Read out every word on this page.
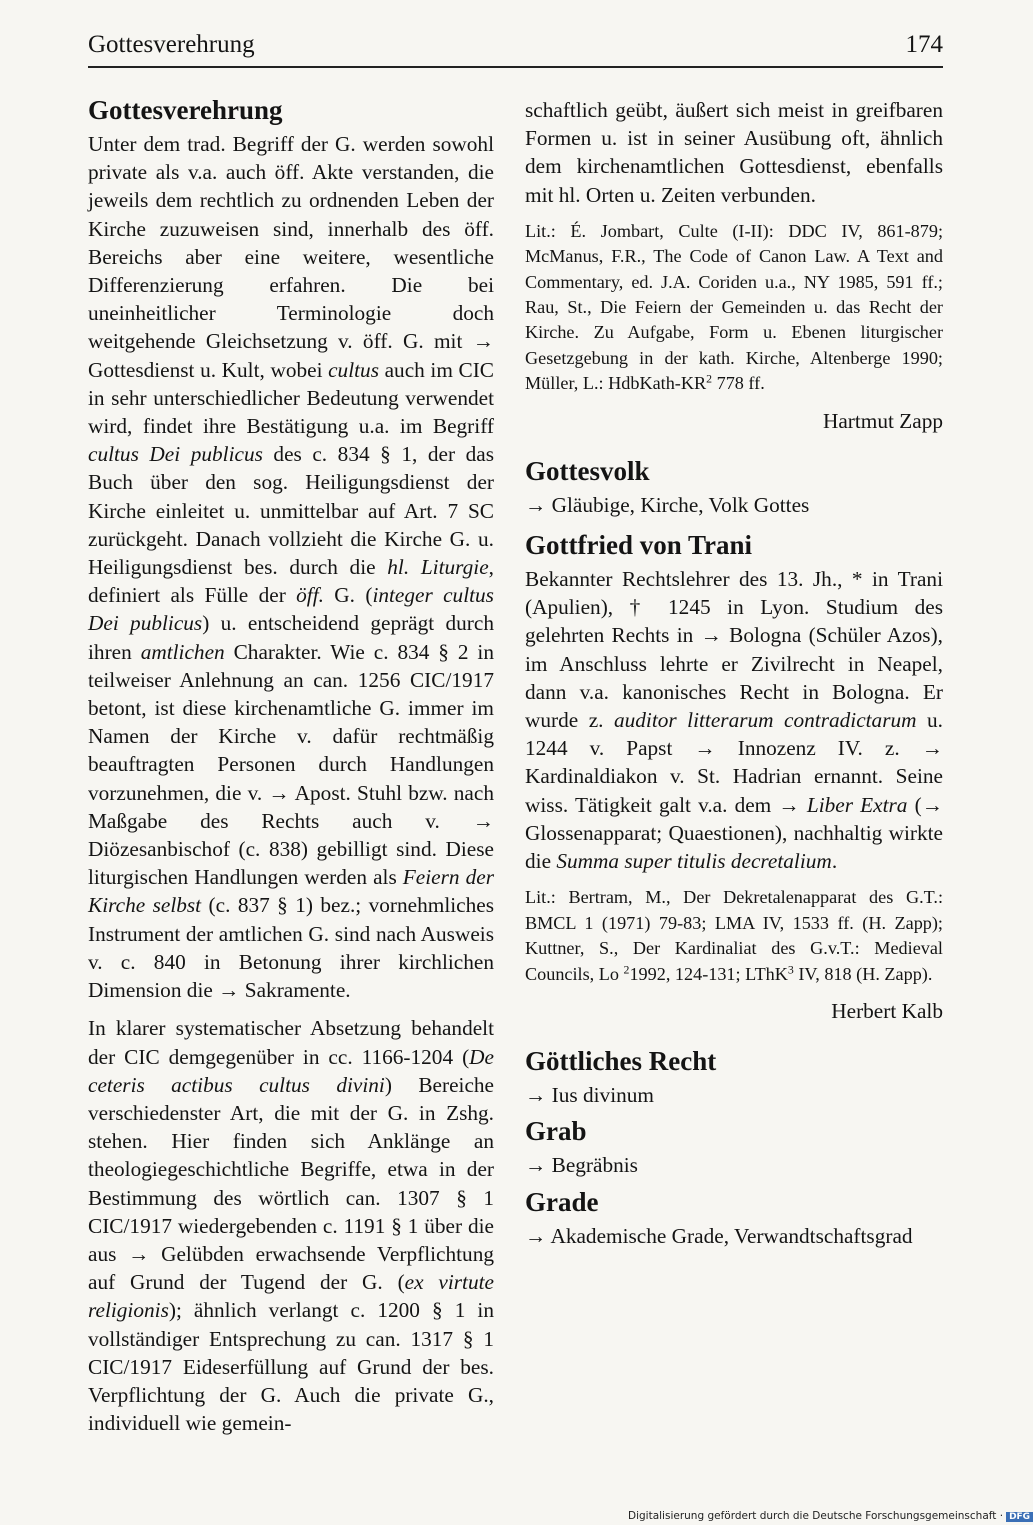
Gottesverehrung	174
Gottesverehrung

Unter dem trad. Begriff der G. werden sowohl private als v.a. auch öff. Akte verstanden, die jeweils dem rechtlich zu ordnenden Leben der Kirche zuzuweisen sind, innerhalb des öff. Bereichs aber eine weitere, wesentliche Differenzierung erfahren. Die bei uneinheitlicher Terminologie doch weitgehende Gleichsetzung v. öff. G. mit → Gottesdienst u. Kult, wobei cultus auch im CIC in sehr unterschiedlicher Bedeutung verwendet wird, findet ihre Bestätigung u.a. im Begriff cultus Dei publicus des c. 834 § 1, der das Buch über den sog. Heiligungsdienst der Kirche einleitet u. unmittelbar auf Art. 7 SC zurückgeht. Danach vollzieht die Kirche G. u. Heiligungsdienst bes. durch die hl. Liturgie, definiert als Fülle der öff. G. (integer cultus Dei publicus) u. entscheidend geprägt durch ihren amtlichen Charakter. Wie c. 834 § 2 in teilweiser Anlehnung an can. 1256 CIC/1917 betont, ist diese kirchenamtliche G. immer im Namen der Kirche v. dafür rechtmäßig beauftragten Personen durch Handlungen vorzunehmen, die v. → Apost. Stuhl bzw. nach Maßgabe des Rechts auch v. → Diözesanbischof (c. 838) gebilligt sind. Diese liturgischen Handlungen werden als Feiern der Kirche selbst (c. 837 § 1) bez.; vornehmliches Instrument der amtlichen G. sind nach Ausweis v. c. 840 in Betonung ihrer kirchlichen Dimension die → Sakramente.

In klarer systematischer Absetzung behandelt der CIC demgegenüber in cc. 1166-1204 (De ceteris actibus cultus divini) Bereiche verschiedenster Art, die mit der G. in Zshg. stehen. Hier finden sich Anklänge an theologiegeschichtliche Begriffe, etwa in der Bestimmung des wörtlich can. 1307 § 1 CIC/1917 wiedergebenden c. 1191 § 1 über die aus → Gelübden erwachsende Verpflichtung auf Grund der Tugend der G. (ex virtute religionis); ähnlich verlangt c. 1200 § 1 in vollständiger Entsprechung zu can. 1317 § 1 CIC/1917 Eideserfüllung auf Grund der bes. Verpflichtung der G. Auch die private G., individuell wie gemein-

schaftlich geübt, äußert sich meist in greifbaren Formen u. ist in seiner Ausübung oft, ähnlich dem kirchenamtlichen Gottesdienst, ebenfalls mit hl. Orten u. Zeiten verbunden.

Lit.: É. Jombart, Culte (I-II): DDC IV, 861-879; McManus, F.R., The Code of Canon Law. A Text and Commentary, ed. J.A. Coriden u.a., NY 1985, 591 ff.; Rau, St., Die Feiern der Gemeinden u. das Recht der Kirche. Zu Aufgabe, Form u. Ebenen liturgischer Gesetzgebung in der kath. Kirche, Altenberge 1990; Müller, L.: HdbKath-$KR^2$ 778 ff.

Hartmut Zapp

Gottesvolk

→ Gläubige, Kirche, Volk Gottes

Gottfried von Trani

Bekannter Rechtslehrer des 13. Jh., * in Trani (Apulien), † 1245 in Lyon. Studium des gelehrten Rechts in → Bologna (Schüler Azos), im Anschluss lehrte er Zivilrecht in Neapel, dann v.a. kanonisches Recht in Bologna. Er wurde z. auditor litterarum contradictarum u. 1244 v. Papst → Innozenz IV. z. → Kardinaldiakon v. St. Hadrian ernannt. Seine wiss. Tätigkeit galt v.a. dem → Liber Extra (→ Glossenapparat; Quaestionen), nachhaltig wirkte die Summa super titulis decretalium.

Lit.: Bertram, M., Der Dekretalenapparat des G.T.: BMCL 1 (1971) 79-83; LMA IV, 1533 ff. (H. Zapp); Kuttner, S., Der Kardinaliat des G.v.T.: Medieval Councils, Lo $^2$1992, 124-131; LThK$^3$ IV, 818 (H. Zapp).

Herbert Kalb

Göttliches Recht

→ Ius divinum

Grab

→ Begräbnis

Grade

→ Akademische Grade, Verwandtschaftsgrad

Digitalisierung gefördert durch die Deutsche Forschungsgemeinschaft · DFG
